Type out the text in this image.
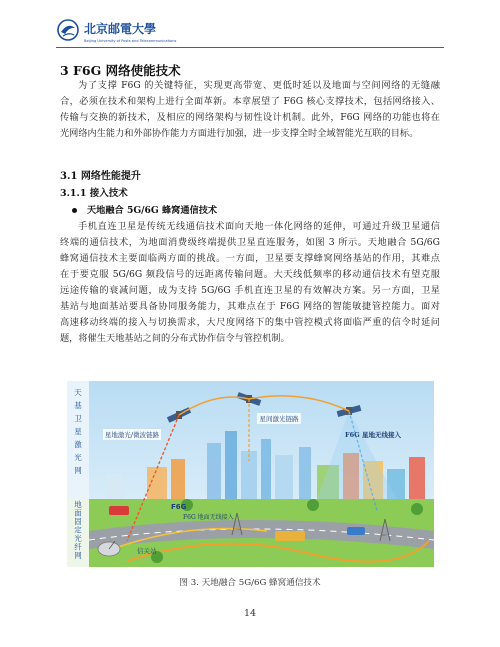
北京邮電大學
Beijing University of Posts and Telecommunications
3 F6G 网络使能技术
为了支撑 F6G 的关键特征，实现更高带宽、更低时延以及地面与空间网络的无缝融
合，必须在技术和架构上进行全面革新。本章展望了 F6G 核心支撑技术，包括网络接入、
传输与交换的新技术，及相应的网络架构与韧性设计机制。此外，F6G 网络的功能也将在
光网络内生能力和外部协作能力方面进行加强，进一步支撑全时全域智能光互联的目标。
3.1 网络性能提升
3.1.1 接入技术
天地融合 5G/6G 蜂窝通信技术
手机直连卫星是传统无线通信技术面向天地一体化网络的延伸，可通过升级卫星通信
终端的通信技术，为地面消费级终端提供卫星直连服务，如图 3 所示。天地融合 5G/6G
蜂窝通信技术主要面临两方面的挑战。一方面，卫星要支撑蜂窝网络基站的作用，其难点
在于要克服 5G/6G 频段信号的远距离传输问题。大天线低频率的移动通信技术有望克服
远途传输的衰减问题，成为支持 5G/6G 手机直连卫星的有效解决方案。另一方面，卫星
基站与地面基站要具备协同服务能力，其难点在于 F6G 网络的智能敏捷管控能力。面对
高速移动终端的接入与切换需求，大尺度网络下的集中管控模式将面临严重的信令时延问
题，将催生天地基站之间的分布式协作信令与管控机制。
天基卫星激光网
地面固定光纤网
星间激光链路
星地激光/微波链路	F6G 星地无线接入
F6G
F6G 地面无线接入
信关站
图 3. 天地融合 5G/6G 蜂窝通信技术
14
